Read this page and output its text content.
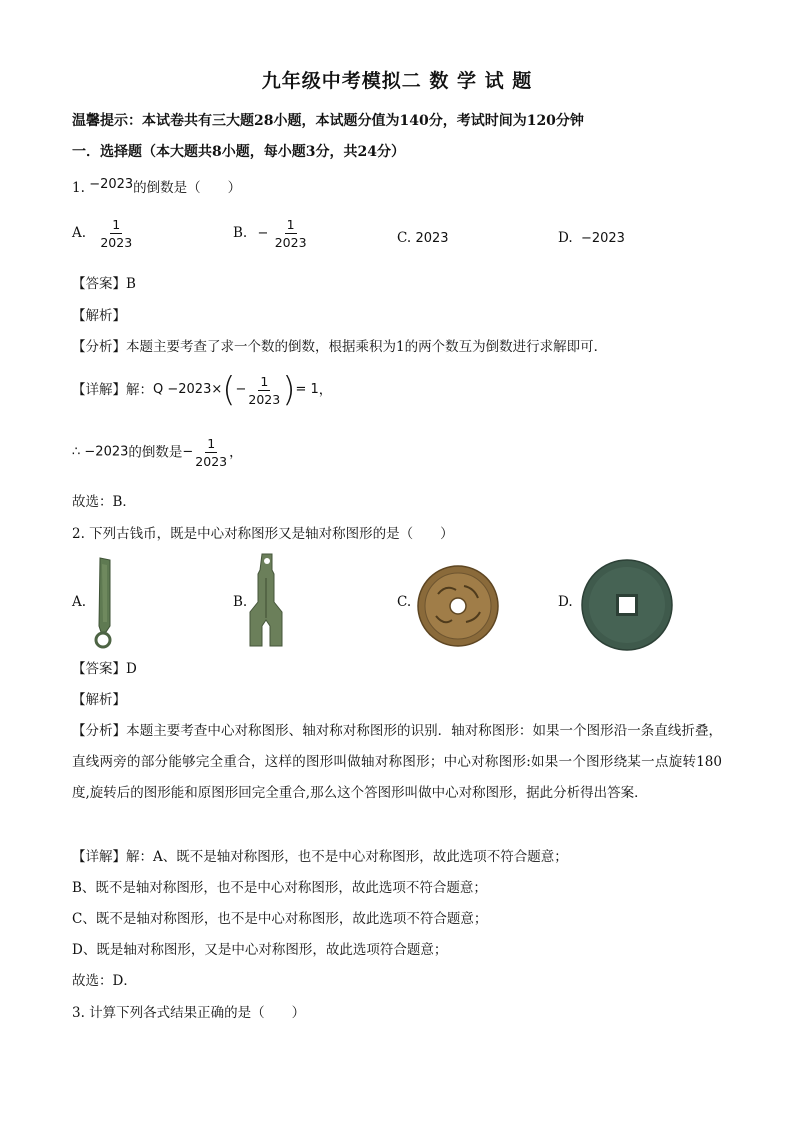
九年级中考模拟二 数 学 试 题
温馨提示：本试卷共有三大题28小题，本试题分值为140分，考试时间为120分钟
一．选择题（本大题共8小题，每小题3分，共24分）
1. −2023的倒数是（　　）
A. $\frac{1}{2023}$	B. − $\frac{1}{2023}$	C. 2023	D. −2023
【答案】B
【解析】
【分析】本题主要考查了求一个数的倒数，根据乘积为1的两个数互为倒数进行求解即可．
【详解】解：$Q -2023\times(- \frac{1}{2023}$ )= 1，
∴ −2023的倒数是− $\frac{1}{2023}$ ，
故选：B．
2. 下列古钱币，既是中心对称图形又是轴对称图形的是（　　）
A.	B.	C.	D.
【答案】D
【解析】
【分析】本题主要考查中心对称图形、轴对称对称图形的识别．轴对称图形：如果一个图形沿一条直线折叠，直线两旁的部分能够完全重合，这样的图形叫做轴对称图形；中心对称图形:如果一个图形绕某一点旋转180度,旋转后的图形能和原图形回完全重合,那么这个答图形叫做中心对称图形，据此分析得出答案．
【详解】解：A、既不是轴对称图形，也不是中心对称图形，故此选项不符合题意；
B、既不是轴对称图形，也不是中心对称图形，故此选项不符合题意；
C、既不是轴对称图形，也不是中心对称图形，故此选项不符合题意；
D、既是轴对称图形，又是中心对称图形，故此选项符合题意；
故选：D．
3. 计算下列各式结果正确的是（　　）
